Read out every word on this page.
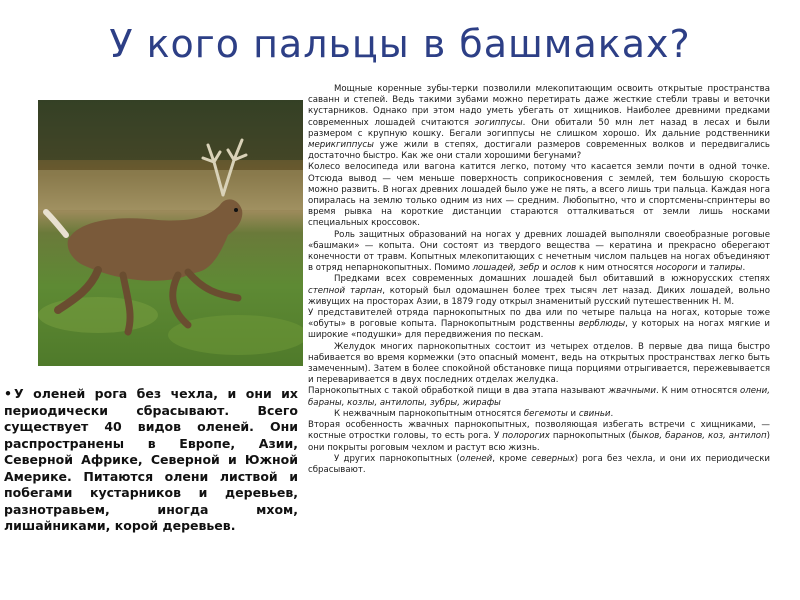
У кого пальцы в башмаках?
• У оленей рога без чехла, и они их периодически сбрасывают. Всего существует 40 видов оленей. Они распространены в Европе, Азии, Северной Африке, Северной и Южной Америке. Питаются олени листвой и побегами кустарников и деревьев, разнотравьем, иногда мхом, лишайниками, корой деревьев.

Мощные коренные зубы-терки позволили млекопитающим освоить открытые пространства саванн и степей. Ведь такими зубами можно перетирать даже жесткие стебли травы и веточки кустарников. Однако при этом надо уметь убегать от хищников. Наиболее древними предками современных лошадей считаются эогиппусы. Они обитали 50 млн лет назад в лесах и были размером с крупную кошку. Бегали эогиппусы не слишком хорошо. Их дальние родственники мерикгиппусы уже жили в степях, достигали размеров современных волков и передвигались достаточно быстро. Как же они стали хорошими бегунами?

Колесо велосипеда или вагона катится легко, потому что касается земли почти в одной точке. Отсюда вывод — чем меньше поверхность соприкосновения с землей, тем большую скорость можно развить. В ногах древних лошадей было уже не пять, а всего лишь три пальца. Каждая нога опиралась на землю только одним из них — средним. Любопытно, что и спортсмены-спринтеры во время рывка на короткие дистанции стараются отталкиваться от земли лишь носками специальных кроссовок.

Роль защитных образований на ногах у древних лошадей выполняли своеобразные роговые «башмаки» — копыта. Они состоят из твердого вещества — кератина и прекрасно оберегают конечности от травм. Копытных млекопитающих с нечетным числом пальцев на ногах объединяют в отряд непарнокопытных. Помимо лошадей, зебр и ослов к ним относятся носороги и тапиры.

Предками всех современных домашних лошадей был обитавший в южнорусских степях степной тарпан, который был одомашнен более трех тысяч лет назад. Диких лошадей, вольно живущих на просторах Азии, в 1879 году открыл знаменитый русский путешественник Н. М.

У представителей отряда парнокопытных по два или по четыре пальца на ногах, которые тоже «обуты» в роговые копыта. Парнокопытным родственны верблюды, у которых на ногах мягкие и широкие «подушки» для передвижения по пескам.

Желудок многих парнокопытных состоит из четырех отделов. В первые два пища быстро набивается во время кормежки (это опасный момент, ведь на открытых пространствах легко быть замеченным). Затем в более спокойной обстановке пища порциями отрыгивается, пережевывается и переваривается в двух последних отделах желудка.

Парнокопытных с такой обработкой пищи в два этапа называют жвачными. К ним относятся олени, бараны, козлы, антилопы, зубры, жирафы

К нежвачным парнокопытным относятся бегемоты и свиньи.

Вторая особенность жвачных парнокопытных, позволяющая избегать встречи с хищниками, — костные отростки головы, то есть рога. У полорогих парнокопытных (быков, баранов, коз, антилоп) они покрыты роговым чехлом и растут всю жизнь.

У других парнокопытных (оленей, кроме северных) рога без чехла, и они их периодически сбрасывают.
